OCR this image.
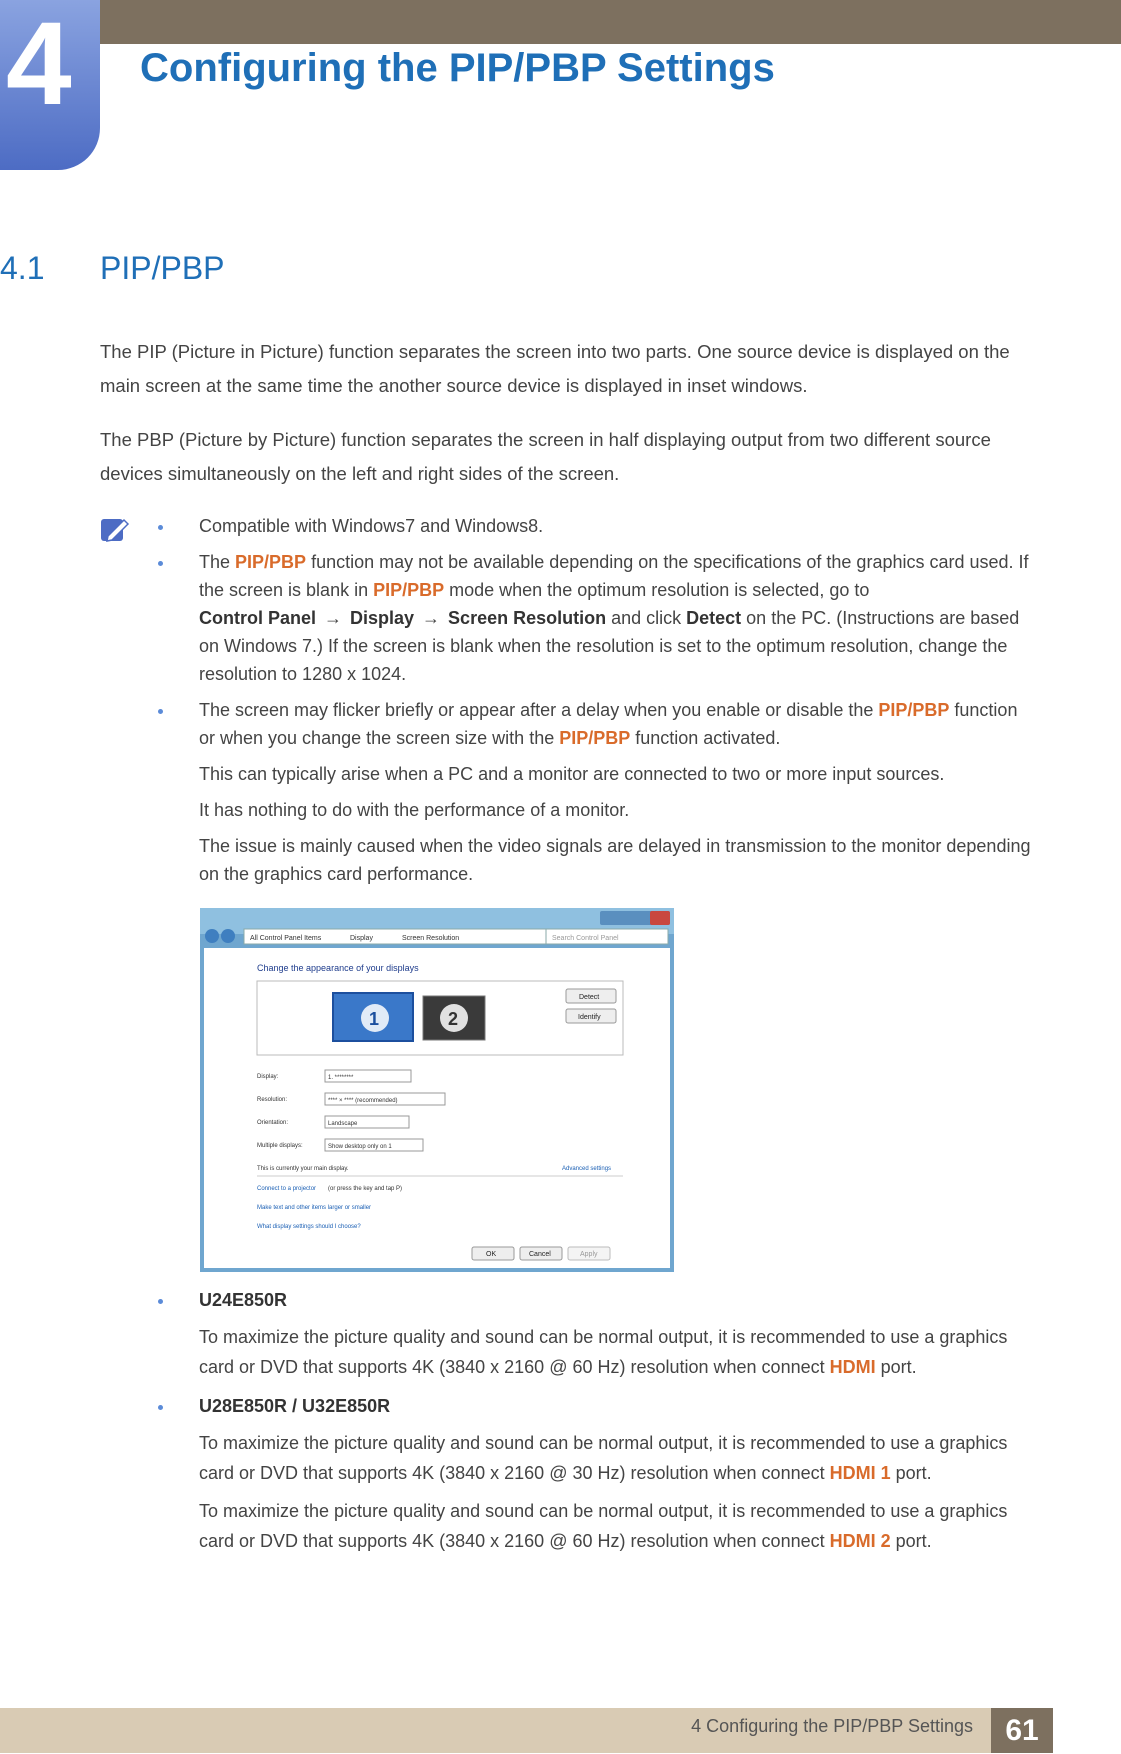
4 Configuring the PIP/PBP Settings
4.1 PIP/PBP

The PIP (Picture in Picture) function separates the screen into two parts. One source device is displayed on the main screen at the same time the another source device is displayed in inset windows.

The PBP (Picture by Picture) function separates the screen in half displaying output from two different source devices simultaneously on the left and right sides of the screen.

Compatible with Windows7 and Windows8.
The PIP/PBP function may not be available depending on the specifications of the graphics card used. If the screen is blank in PIP/PBP mode when the optimum resolution is selected, go to
Control Panel → Display → Screen Resolution and click Detect on the PC. (Instructions are based on Windows 7.) If the screen is blank when the resolution is set to the optimum resolution, change the resolution to 1280 x 1024.
The screen may flicker briefly or appear after a delay when you enable or disable the PIP/PBP function or when you change the screen size with the PIP/PBP function activated.
This can typically arise when a PC and a monitor are connected to two or more input sources.
It has nothing to do with the performance of a monitor.
The issue is mainly caused when the video signals are delayed in transmission to the monitor depending on the graphics card performance.
All Control Panel Items	Display	Screen Resolution	Search Control Panel
Change the appearance of your displays
1	2
Detect
Identify
Display:	1. ********
Resolution:	**** × **** (recommended)
Orientation:	Landscape
Multiple displays:	Show desktop only on 1
This is currently your main display.	Advanced settings
Connect to a projector (or press the key and tap P)
Make text and other items larger or smaller
What display settings should I choose?
OK	Cancel	Apply
U24E850R
To maximize the picture quality and sound can be normal output, it is recommended to use a graphics card or DVD that supports 4K (3840 x 2160 @ 60 Hz) resolution when connect HDMI port.
U28E850R / U32E850R
To maximize the picture quality and sound can be normal output, it is recommended to use a graphics card or DVD that supports 4K (3840 x 2160 @ 30 Hz) resolution when connect HDMI 1 port.
To maximize the picture quality and sound can be normal output, it is recommended to use a graphics card or DVD that supports 4K (3840 x 2160 @ 60 Hz) resolution when connect HDMI 2 port.
4 Configuring the PIP/PBP Settings	61
